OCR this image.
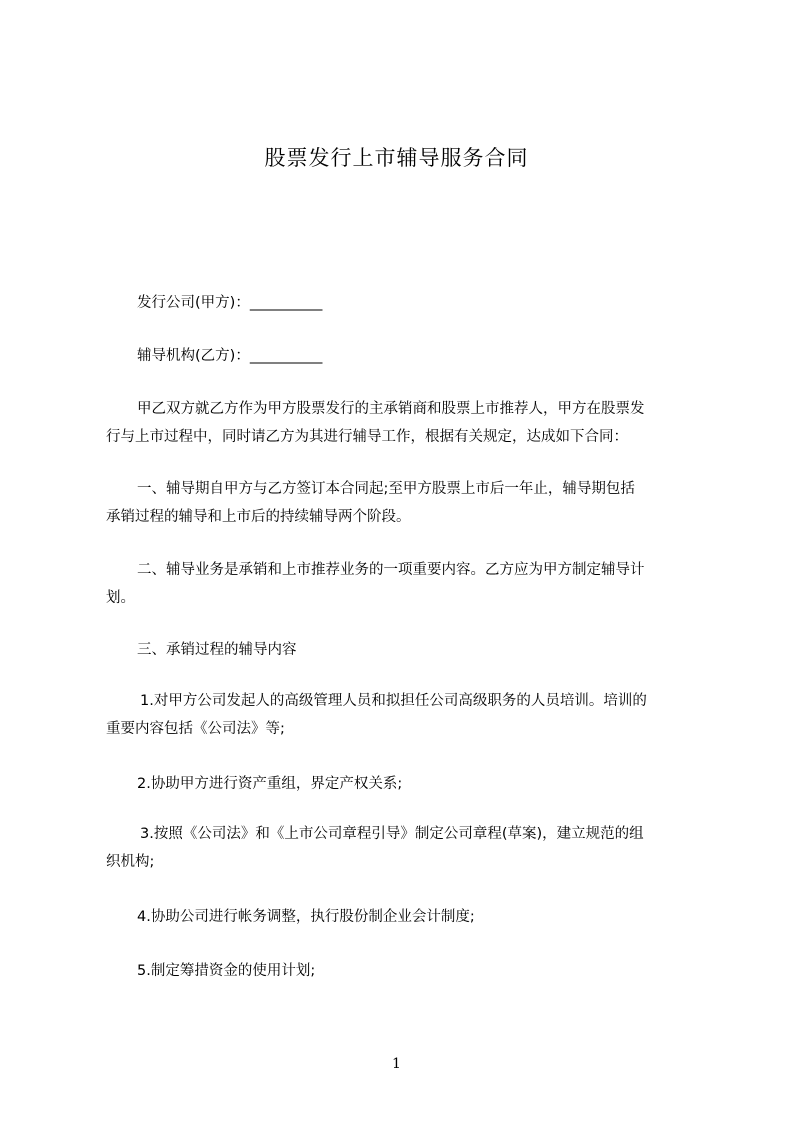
股票发行上市辅导服务合同
发行公司(甲方)：__________
辅导机构(乙方)：__________
甲乙双方就乙方作为甲方股票发行的主承销商和股票上市推荐人，甲方在股票发
行与上市过程中，同时请乙方为其进行辅导工作，根据有关规定，达成如下合同：
一、辅导期自甲方与乙方签订本合同起;至甲方股票上市后一年止，辅导期包括
承销过程的辅导和上市后的持续辅导两个阶段。
二、辅导业务是承销和上市推荐业务的一项重要内容。乙方应为甲方制定辅导计
划。
三、承销过程的辅导内容
1.对甲方公司发起人的高级管理人员和拟担任公司高级职务的人员培训。培训的
重要内容包括《公司法》等;
2.协助甲方进行资产重组，界定产权关系;
3.按照《公司法》和《上市公司章程引导》制定公司章程(草案)，建立规范的组
织机构;
4.协助公司进行帐务调整，执行股份制企业会计制度;
5.制定筹措资金的使用计划;
1
